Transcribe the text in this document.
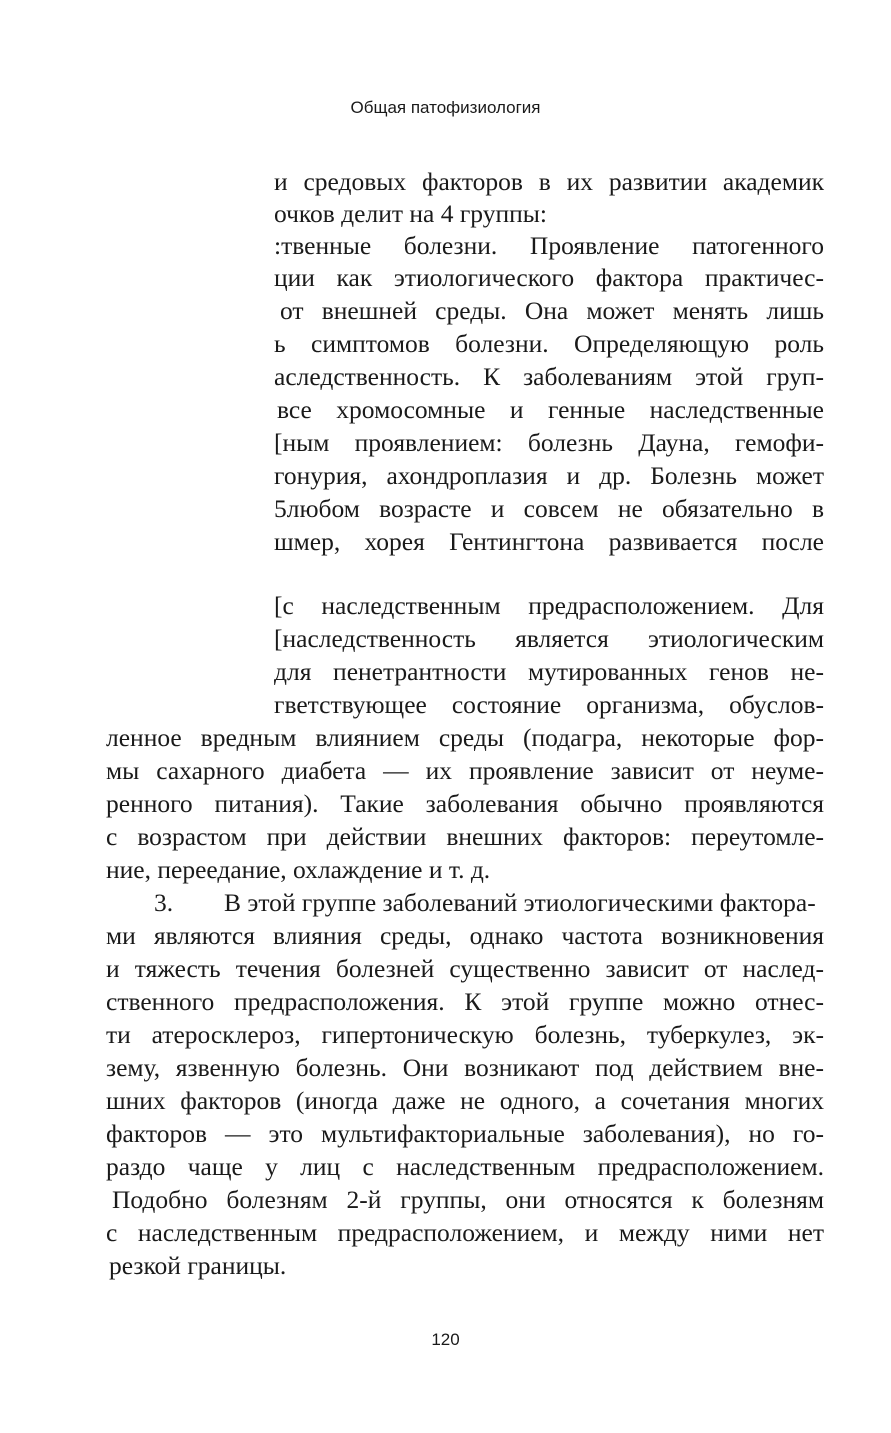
Общая патофизиология
и средовых факторов в их развитии академик
очков делит на 4 группы:
:твенные болезни. Проявление патогенного
ции как этиологического фактора практичес-
от внешней среды. Она может менять лишь
ь симптомов болезни. Определяющую роль
аследственность. К заболеваниям этой груп-
все хромосомные и генные наследственные
[ным проявлением: болезнь Дауна, гемофи-
гонурия, ахондроплазия и др. Болезнь может
5любом возрасте и совсем не обязательно в
шмер, хорея Гентингтона развивается после
[с наследственным предрасположением. Для
[наследственность является этиологическим
для пенетрантности мутированных генов не-
гветствующее состояние организма, обуслов-
ленное вредным влиянием среды (подагра, некоторые фор-
мы сахарного диабета — их проявление зависит от неуме-
ренного питания). Такие заболевания обычно проявляются
с возрастом при действии внешних факторов: переутомле-
ние, переедание, охлаждение и т. д.
3. В этой группе заболеваний этиологическими фактора-
ми являются влияния среды, однако частота возникновения
и тяжесть течения болезней существенно зависит от наслед-
ственного предрасположения. К этой группе можно отнес-
ти атеросклероз, гипертоническую болезнь, туберкулез, эк-
зему, язвенную болезнь. Они возникают под действием вне-
шних факторов (иногда даже не одного, а сочетания многих
факторов — это мультифакториальные заболевания), но го-
раздо чаще у лиц с наследственным предрасположением.
Подобно болезням 2-й группы, они относятся к болезням
с наследственным предрасположением, и между ними нет
резкой границы.
120
